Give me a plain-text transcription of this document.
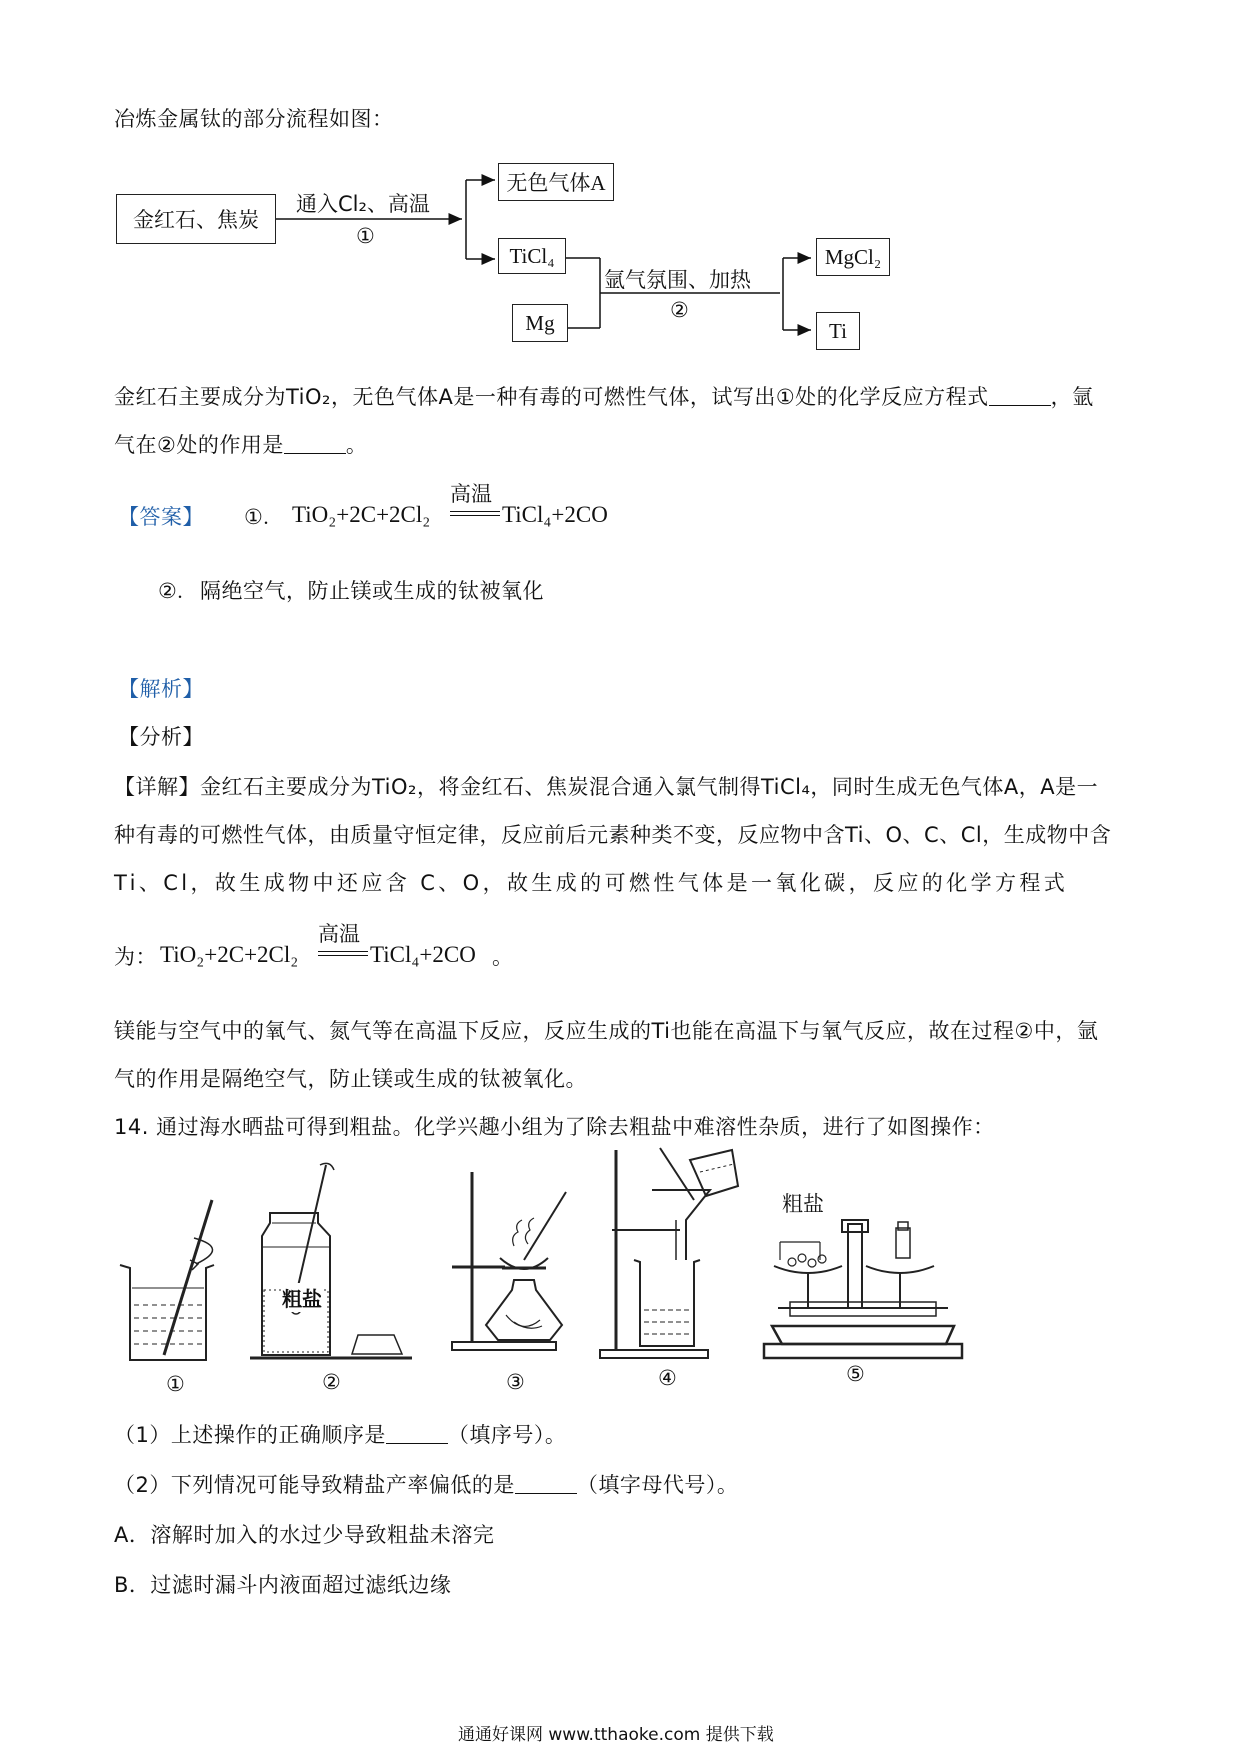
冶炼金属钛的部分流程如图：
金红石、焦炭
通入Cl₂、高温
①
无色气体A
TiCl₄
Mg
氩气氛围、加热
②
MgCl₂
Ti
金红石主要成分为TiO₂，无色气体A是一种有毒的可燃性气体，试写出①处的化学反应方程式	，氩
气在②处的作用是	。
【答案】 ①. TiO₂+2C+2Cl₂
高温
TiCl₄+2CO
②. 隔绝空气，防止镁或生成的钛被氧化
【解析】
【分析】
【详解】金红石主要成分为TiO₂，将金红石、焦炭混合通入氯气制得TiCl₄，同时生成无色气体A，A是一
种有毒的可燃性气体，由质量守恒定律，反应前后元素种类不变，反应物中含Ti、O、C、Cl，生成物中含
Ti、Cl，故生成物中还应含 C、O，故生成的可燃性气体是一氧化碳，反应的化学方程式
为： TiO₂+2C+2Cl₂
高温
TiCl₄+2CO 。
镁能与空气中的氧气、氮气等在高温下反应，反应生成的Ti也能在高温下与氧气反应，故在过程②中，氩
气的作用是隔绝空气，防止镁或生成的钛被氧化。
14. 通过海水晒盐可得到粗盐。化学兴趣小组为了除去粗盐中难溶性杂质，进行了如图操作：
粗盐
粗盐
①	②	③	④	⑤
（1）上述操作的正确顺序是	（填序号）。
（2）下列情况可能导致精盐产率偏低的是	（填字母代号）。
A．溶解时加入的水过少导致粗盐未溶完
B．过滤时漏斗内液面超过滤纸边缘
通通好课网 www.tthaoke.com 提供下载
